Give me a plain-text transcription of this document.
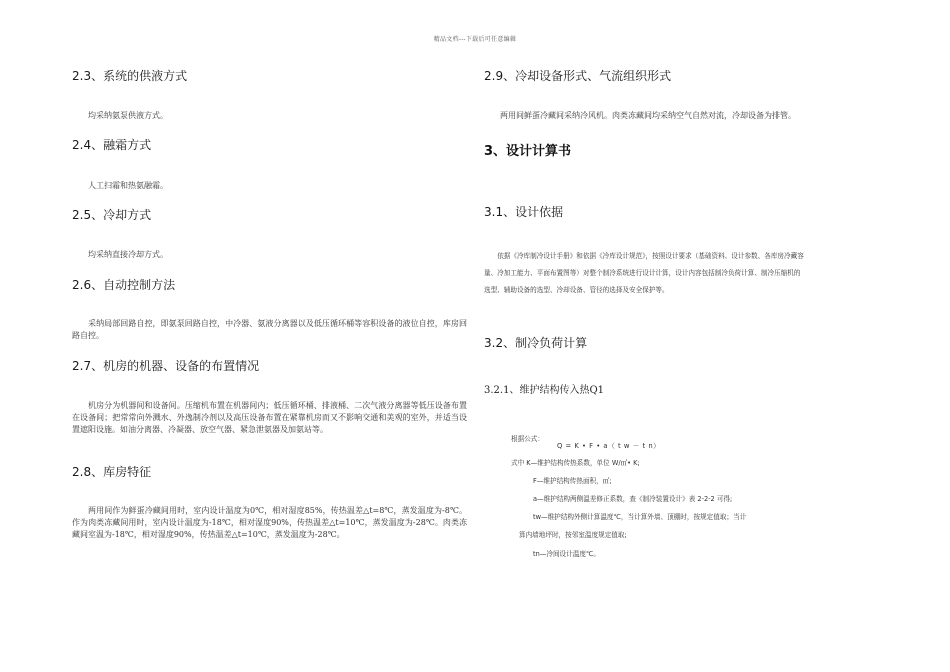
精品文档---下载后可任意编辑
2.3、系统的供液方式

均采纳氨泵供液方式。

2.4、融霜方式

人工扫霜和热氨融霜。

2.5、冷却方式

均采纳直接冷却方式。

2.6、自动控制方法

采纳局部回路自控，即氨泵回路自控，中冷器、氨液分离器以及低压循环桶等容积设备的液位自控，库房回路自控。

2.7、机房的机器、设备的布置情况

机房分为机器间和设备间。压缩机布置在机器间内；低压循环桶、排液桶、二次气液分离器等低压设备布置在设备间；把常常向外溅水、外逸制冷剂以及高压设备布置在紧靠机房而又不影响交通和美观的室外，并适当设置遮阳设施。如油分离器、冷凝器、放空气器、紧急泄氨器及加氨站等。

2.8、库房特征

两用间作为鲜蛋冷藏间用时，室内设计温度为0℃，相对湿度85%，传热温差△t=8℃，蒸发温度为-8℃。作为肉类冻藏间用时，室内设计温度为-18℃，相对湿度90%，传热温差△t=10℃，蒸发温度为-28℃。肉类冻藏间室温为-18℃，相对湿度90%，传热温差△t=10℃，蒸发温度为-28℃。

2.9、冷却设备形式、气流组织形式

两用间鲜蛋冷藏间采纳冷风机。肉类冻藏间均采纳空气自然对流，冷却设备为排管。

3、设计计算书
3.1、设计依据

依据《冷库制冷设计手册》和依据《冷库设计规范》，按照设计要求（基础资料、设计参数、各库房冷藏容量、冷加工能力、平面布置图等）对整个制冷系统进行设计计算，设计内容包括制冷负荷计算、制冷压缩机的选型、辅助设备的选型、冷却设备、管径的选择及安全保护等。

3.2、制冷负荷计算
3.2.1、维护结构传入热Q1
根据公式：
Q = K • F • a（ t w － t n）
式中 K—维护结构传热系数，单位 W/㎡• K;
F—维护结构传热面积，㎡;
a—维护结构两侧温差修正系数，查《制冷装置设计》表 2-2-2 可得;
tw—维护结构外侧计算温度℃，当计算外墙、顶棚时，按规定值取；当计
算内墙地坪时，按邻室温度规定值取;
tn—冷间设计温度℃。
